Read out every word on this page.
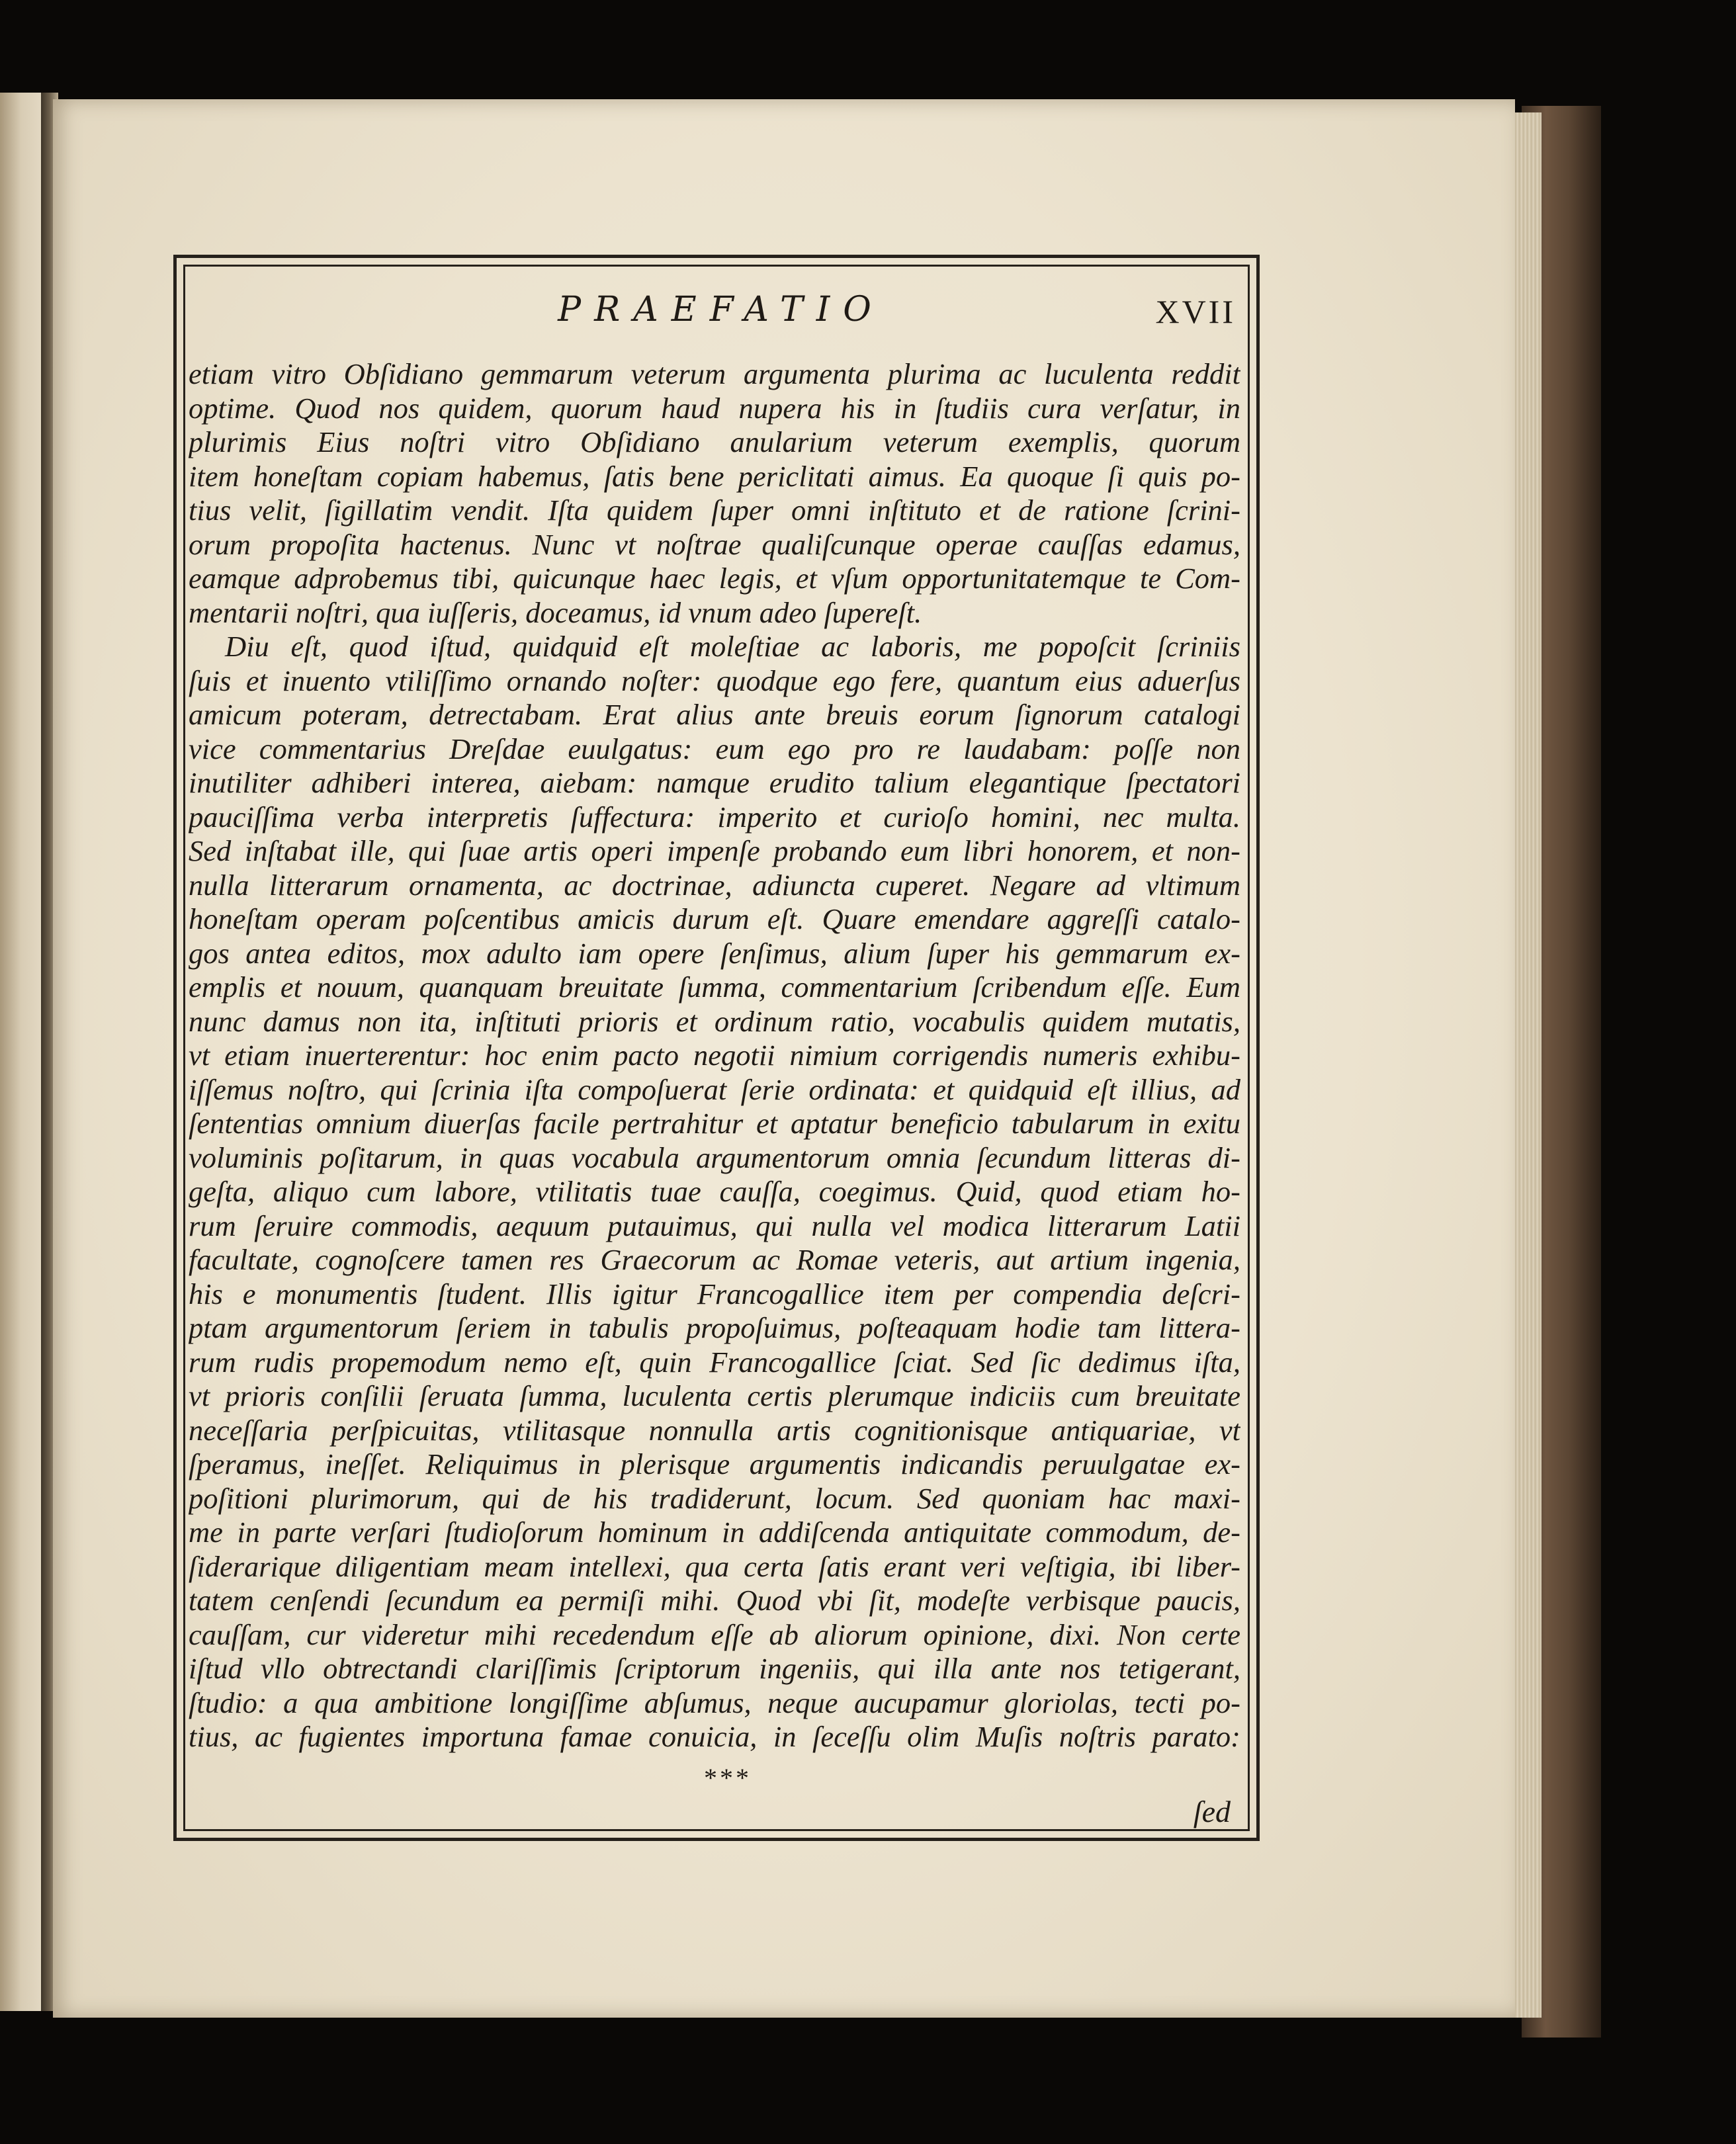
PRAEFATIO	XVII
etiam vitro Obſidiano gemmarum veterum argumenta plurima ac luculenta reddit
optime. Quod nos quidem, quorum haud nupera his in ſtudiis cura verſatur, in
plurimis Eius noſtri vitro Obſidiano anularium veterum exemplis, quorum
item honeſtam copiam habemus, ſatis bene periclitati aimus. Ea quoque ſi quis po-
tius velit, ſigillatim vendit. Iſta quidem ſuper omni inſtituto et de ratione ſcrini-
orum propoſita hactenus. Nunc vt noſtrae qualiſcunque operae cauſſas edamus,
eamque adprobemus tibi, quicunque haec legis, et vſum opportunitatemque te Com-
mentarii noſtri, qua iuſſeris, doceamus, id vnum adeo ſupereſt.
Diu eſt, quod iſtud, quidquid eſt moleſtiae ac laboris, me popoſcit ſcriniis
ſuis et inuento vtiliſſimo ornando noſter: quodque ego fere, quantum eius aduerſus
amicum poteram, detrectabam. Erat alius ante breuis eorum ſignorum catalogi
vice commentarius Dreſdae euulgatus: eum ego pro re laudabam: poſſe non
inutiliter adhiberi interea, aiebam: namque erudito talium elegantique ſpectatori
pauciſſima verba interpretis ſuffectura: imperito et curioſo homini, nec multa.
Sed inſtabat ille, qui ſuae artis operi impenſe probando eum libri honorem, et non-
nulla litterarum ornamenta, ac doctrinae, adiuncta cuperet. Negare ad vltimum
honeſtam operam poſcentibus amicis durum eſt. Quare emendare aggreſſi catalo-
gos antea editos, mox adulto iam opere ſenſimus, alium ſuper his gemmarum ex-
emplis et nouum, quanquam breuitate ſumma, commentarium ſcribendum eſſe. Eum
nunc damus non ita, inſtituti prioris et ordinum ratio, vocabulis quidem mutatis,
vt etiam inuerterentur: hoc enim pacto negotii nimium corrigendis numeris exhibu-
iſſemus noſtro, qui ſcrinia iſta compoſuerat ſerie ordinata: et quidquid eſt illius, ad
ſententias omnium diuerſas facile pertrahitur et aptatur beneficio tabularum in exitu
voluminis poſitarum, in quas vocabula argumentorum omnia ſecundum litteras di-
geſta, aliquo cum labore, vtilitatis tuae cauſſa, coegimus. Quid, quod etiam ho-
rum ſeruire commodis, aequum putauimus, qui nulla vel modica litterarum Latii
facultate, cognoſcere tamen res Graecorum ac Romae veteris, aut artium ingenia,
his e monumentis ſtudent. Illis igitur Francogallice item per compendia deſcri-
ptam argumentorum ſeriem in tabulis propoſuimus, poſteaquam hodie tam littera-
rum rudis propemodum nemo eſt, quin Francogallice ſciat. Sed ſic dedimus iſta,
vt prioris conſilii ſeruata ſumma, luculenta certis plerumque indiciis cum breuitate
neceſſaria perſpicuitas, vtilitasque nonnulla artis cognitionisque antiquariae, vt
ſperamus, ineſſet. Reliquimus in plerisque argumentis indicandis peruulgatae ex-
poſitioni plurimorum, qui de his tradiderunt, locum. Sed quoniam hac maxi-
me in parte verſari ſtudioſorum hominum in addiſcenda antiquitate commodum, de-
ſiderarique diligentiam meam intellexi, qua certa ſatis erant veri veſtigia, ibi liber-
tatem cenſendi ſecundum ea permiſi mihi. Quod vbi ſit, modeſte verbisque paucis,
cauſſam, cur videretur mihi recedendum eſſe ab aliorum opinione, dixi. Non certe
iſtud vllo obtrectandi clariſſimis ſcriptorum ingeniis, qui illa ante nos tetigerant,
ſtudio: a qua ambitione longiſſime abſumus, neque aucupamur gloriolas, tecti po-
tius, ac fugientes importuna famae conuicia, in ſeceſſu olim Muſis noſtris parato:
***
ſed
